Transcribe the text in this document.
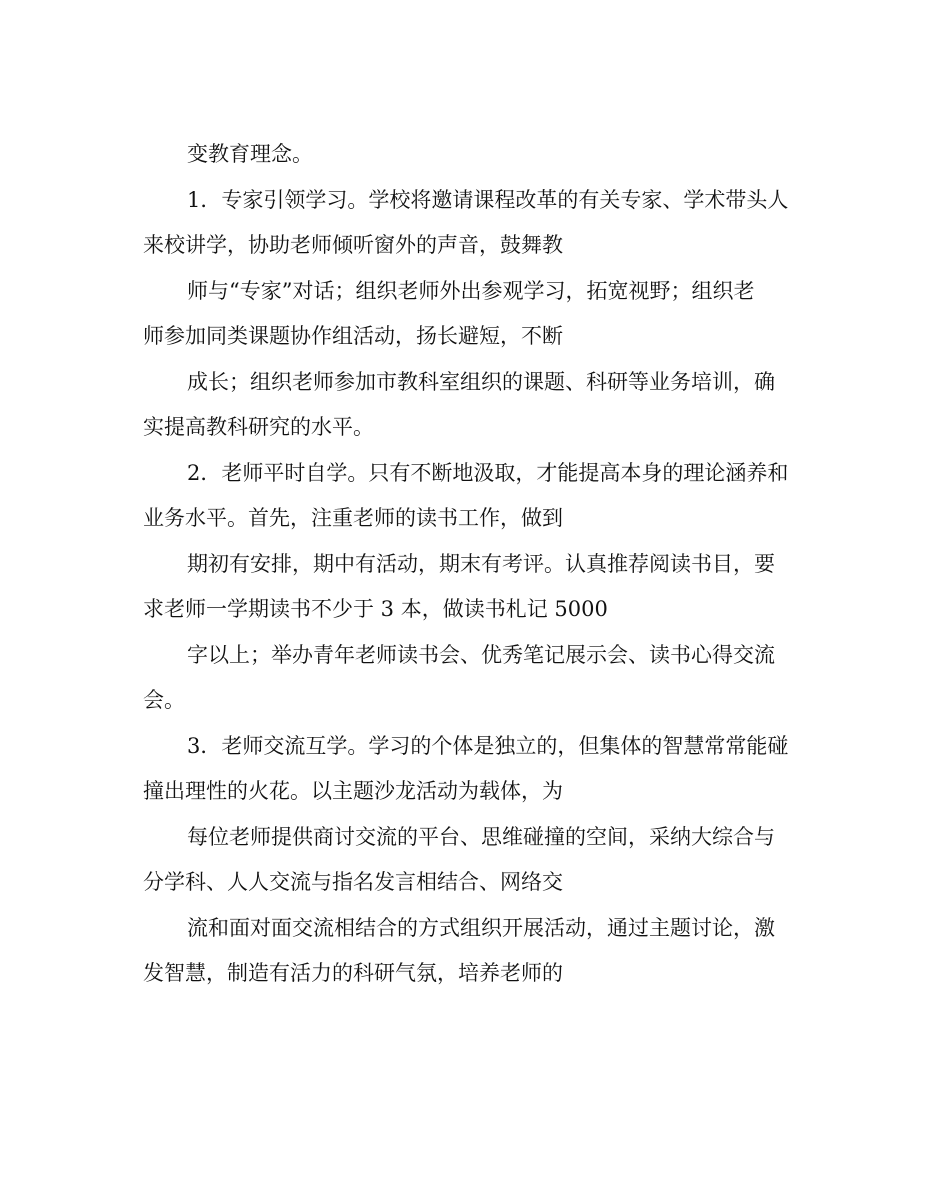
变教育理念。

1．专家引领学习。学校将邀请课程改革的有关专家、学术带头人
来校讲学，协助老师倾听窗外的声音，鼓舞教

师与“专家”对话；组织老师外出参观学习，拓宽视野；组织老
师参加同类课题协作组活动，扬长避短，不断

成长；组织老师参加市教科室组织的课题、科研等业务培训，确
实提高教科研究的水平。

2．老师平时自学。只有不断地汲取，才能提高本身的理论涵养和
业务水平。首先，注重老师的读书工作，做到

期初有安排，期中有活动，期末有考评。认真推荐阅读书目，要
求老师一学期读书不少于 3 本，做读书札记 5000

字以上；举办青年老师读书会、优秀笔记展示会、读书心得交流
会。

3．老师交流互学。学习的个体是独立的，但集体的智慧常常能碰
撞出理性的火花。以主题沙龙活动为载体，为

每位老师提供商讨交流的平台、思维碰撞的空间，采纳大综合与
分学科、人人交流与指名发言相结合、网络交

流和面对面交流相结合的方式组织开展活动，通过主题讨论，激
发智慧，制造有活力的科研气氛，培养老师的
